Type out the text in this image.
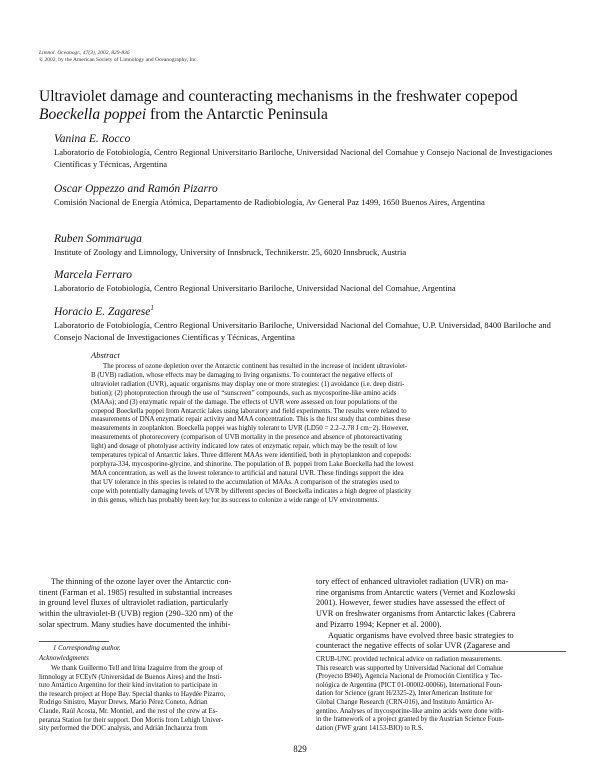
Limnol. Oceanogr., 47(3), 2002, 829-836
© 2002, by the American Society of Limnology and Oceanography, Inc.
Ultraviolet damage and counteracting mechanisms in the freshwater copepod Boeckella poppei from the Antarctic Peninsula
Vanina E. Rocco
Laboratorio de Fotobiología, Centro Regional Universitario Bariloche, Universidad Nacional del Comahue y Consejo Nacional de Investigaciones Científicas y Técnicas, Argentina
Oscar Oppezzo and Ramón Pizarro
Comisión Nacional de Energía Atómica, Departamento de Radiobiología, Av General Paz 1499, 1650 Buenos Aires, Argentina
Ruben Sommaruga
Institute of Zoology and Limnology, University of Innsbruck, Technikerstr. 25, 6020 Innsbruck, Austria
Marcela Ferraro
Laboratorio de Fotobiología, Centro Regional Universitario Bariloche, Universidad Nacional del Comahue, Argentina
Horacio E. Zagarese$^1$
Laboratorio de Fotobiología, Centro Regional Universitario Bariloche, Universidad Nacional del Comahue, U.P. Universidad, 8400 Bariloche and Consejo Nacional de Investigaciones Científicas y Técnicas, Argentina
Abstract
The process of ozone depletion over the Antarctic continent has resulted in the increase of incident ultraviolet-
B (UVB) radiation, whose effects may be damaging to living organisms. To counteract the negative effects of
ultraviolet radiation (UVR), aquatic organisms may display one or more strategies: (1) avoidance (i.e. deep distri-
bution); (2) photoprotection through the use of “sunscreen” compounds, such as mycosporine-like amino acids
(MAAs); and (3) enzymatic repair of the damage. The effects of UVR were assessed on four populations of the
copepod Boeckella poppei from Antarctic lakes using laboratory and field experiments. The results were related to
measurements of DNA enzymatic repair activity and MAA concentration. This is the first study that combines these
measurements in zooplankton. Boeckella poppei was highly tolerant to UVR (LD50 = 2.2–2.78 J cm−2). However,
measurements of photorecovery (comparison of UVB mortality in the presence and absence of photoreactivating
light) and dosage of photolyase activity indicated low rates of enzymatic repair, which may be the result of low
temperatures typical of Antarctic lakes. Three different MAAs were identified, both in phytoplankton and copepods:
porphyra-334, mycosporine-glycine, and shinorine. The population of B. poppei from Lake Boeckella had the lowest
MAA concentration, as well as the lowest tolerance to artificial and natural UVR. These findings support the idea
that UV tolerance in this species is related to the accumulation of MAAs. A comparison of the strategies used to
cope with potentially damaging levels of UVR by different species of Boeckella indicates a high degree of plasticity
in this genus, which has probably been key for its success to colonize a wide range of UV environments.
The thinning of the ozone layer over the Antarctic con-
tinent (Farman et al. 1985) resulted in substantial increases
in ground level fluxes of ultraviolet radiation, particularly
within the ultraviolet-B (UVB) region (290–320 nm) of the
solar spectrum. Many studies have documented the inhibi-
tory effect of enhanced ultraviolet radiation (UVR) on ma-
rine organisms from Antarctic waters (Vernet and Kozlowski
2001). However, fewer studies have assessed the effect of
UVR on freshwater organisms from Antarctic lakes (Cabrera
and Pizarro 1994; Kepner et al. 2000).
Aquatic organisms have evolved three basic strategies to
counteract the negative effects of solar UVR (Zagarese and
1 Corresponding author.
Acknowledgments
We thank Guillermo Tell and Irina Izaguirre from the group of
limnology at FCEyN (Universidad de Buenos Aires) and the Insti-
tuto Antártico Argentino for their kind invitation to participate in
the research project at Hope Bay. Special thanks to Haydée Pizarro,
Rodrigo Sinistro, Mayor Drews, Mario Pérez Coneto, Adrian
Claude, Raúl Acosta, Mr. Montiel, and the rest of the crew at Es-
peranza Station for their support. Don Morris from Lehigh Univer-
sity performed the DOC analysis, and Adrián Inchaurza from
CRUB-UNC provided technical advice on radiation measurements.
This research was supported by Universidad Nacional del Comahue
(Proyecto B940), Agencia Nacional de Promoción Científica y Tec-
nológica de Argentina (PICT 01-00002-00066), International Foun-
dation for Science (grant H/2325-2), InterAmerican Institute for
Global Change Research (CRN-016), and Instituto Antártico Ar-
gentino. Analyses of mycosporine-like amino acids were done with-
in the framework of a project granted by the Austrian Science Foun-
dation (FWF grant 14153-BIO) to R.S.
829
